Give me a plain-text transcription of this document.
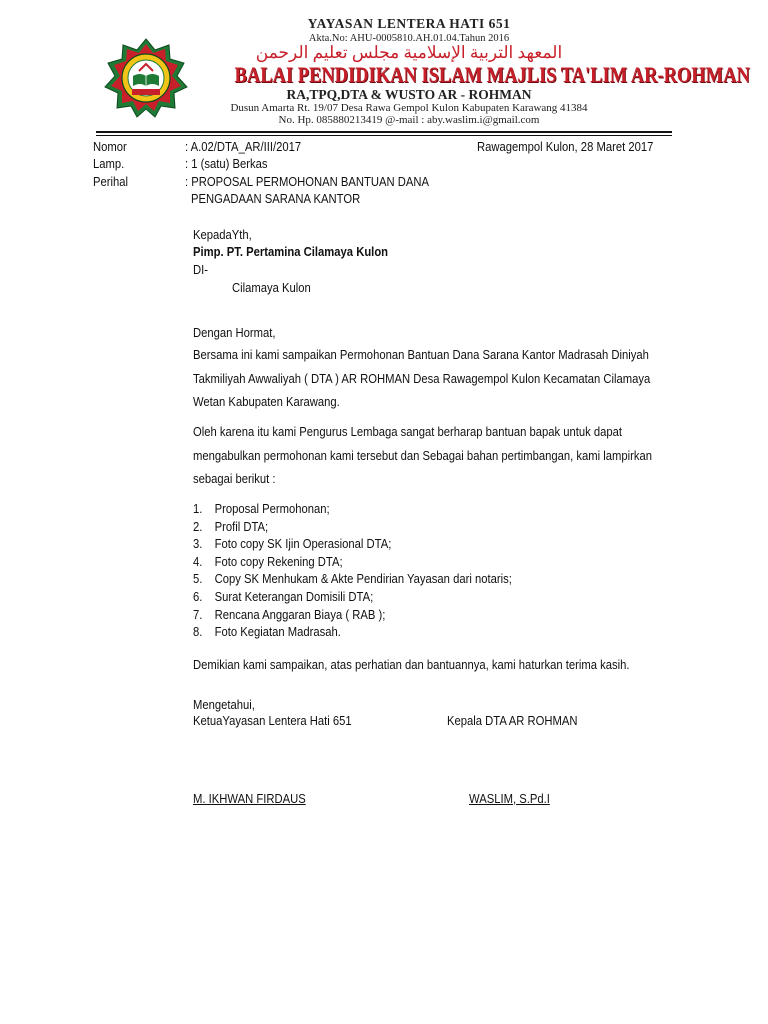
YAYASAN LENTERA HATI 651
Akta.No: AHU-0005810.AH.01.04.Tahun 2016
المعهد التربية الإسلامية مجلس تعليم الرحمن
BALAI PENDIDIKAN ISLAM MAJLIS TA'LIM AR-ROHMAN
RA,TPQ,DTA & WUSTO AR - ROHMAN
Dusun Amarta Rt. 19/07 Desa Rawa Gempol Kulon Kabupaten Karawang 41384
No. Hp. 085880213419 @-mail : aby.waslim.i@gmail.com
Nomor	: A.02/DTA_AR/III/2017	Rawagempol Kulon, 28 Maret 2017
Lamp.	: 1 (satu) Berkas
Perihal	: PROPOSAL PERMOHONAN BANTUAN DANA
PENGADAAN SARANA KANTOR
KepadaYth,
Pimp. PT. Pertamina Cilamaya Kulon
DI-
Cilamaya Kulon
Dengan Hormat,
Bersama ini kami sampaikan Permohonan Bantuan Dana Sarana Kantor Madrasah Diniyah
Takmiliyah Awwaliyah ( DTA ) AR ROHMAN Desa Rawagempol Kulon Kecamatan Cilamaya
Wetan Kabupaten Karawang.
Oleh karena itu kami Pengurus Lembaga sangat berharap bantuan bapak untuk dapat
mengabulkan permohonan kami tersebut dan Sebagai bahan pertimbangan, kami lampirkan
sebagai berikut :
1. Proposal Permohonan;
2. Profil DTA;
3. Foto copy SK Ijin Operasional DTA;
4. Foto copy Rekening DTA;
5. Copy SK Menhukam & Akte Pendirian Yayasan dari notaris;
6. Surat Keterangan Domisili DTA;
7. Rencana Anggaran Biaya ( RAB );
8. Foto Kegiatan Madrasah.
Demikian kami sampaikan, atas perhatian dan bantuannya, kami haturkan terima kasih.
Mengetahui,
KetuaYayasan Lentera Hati 651	Kepala DTA AR ROHMAN
M. IKHWAN FIRDAUS	WASLIM, S.Pd.I
